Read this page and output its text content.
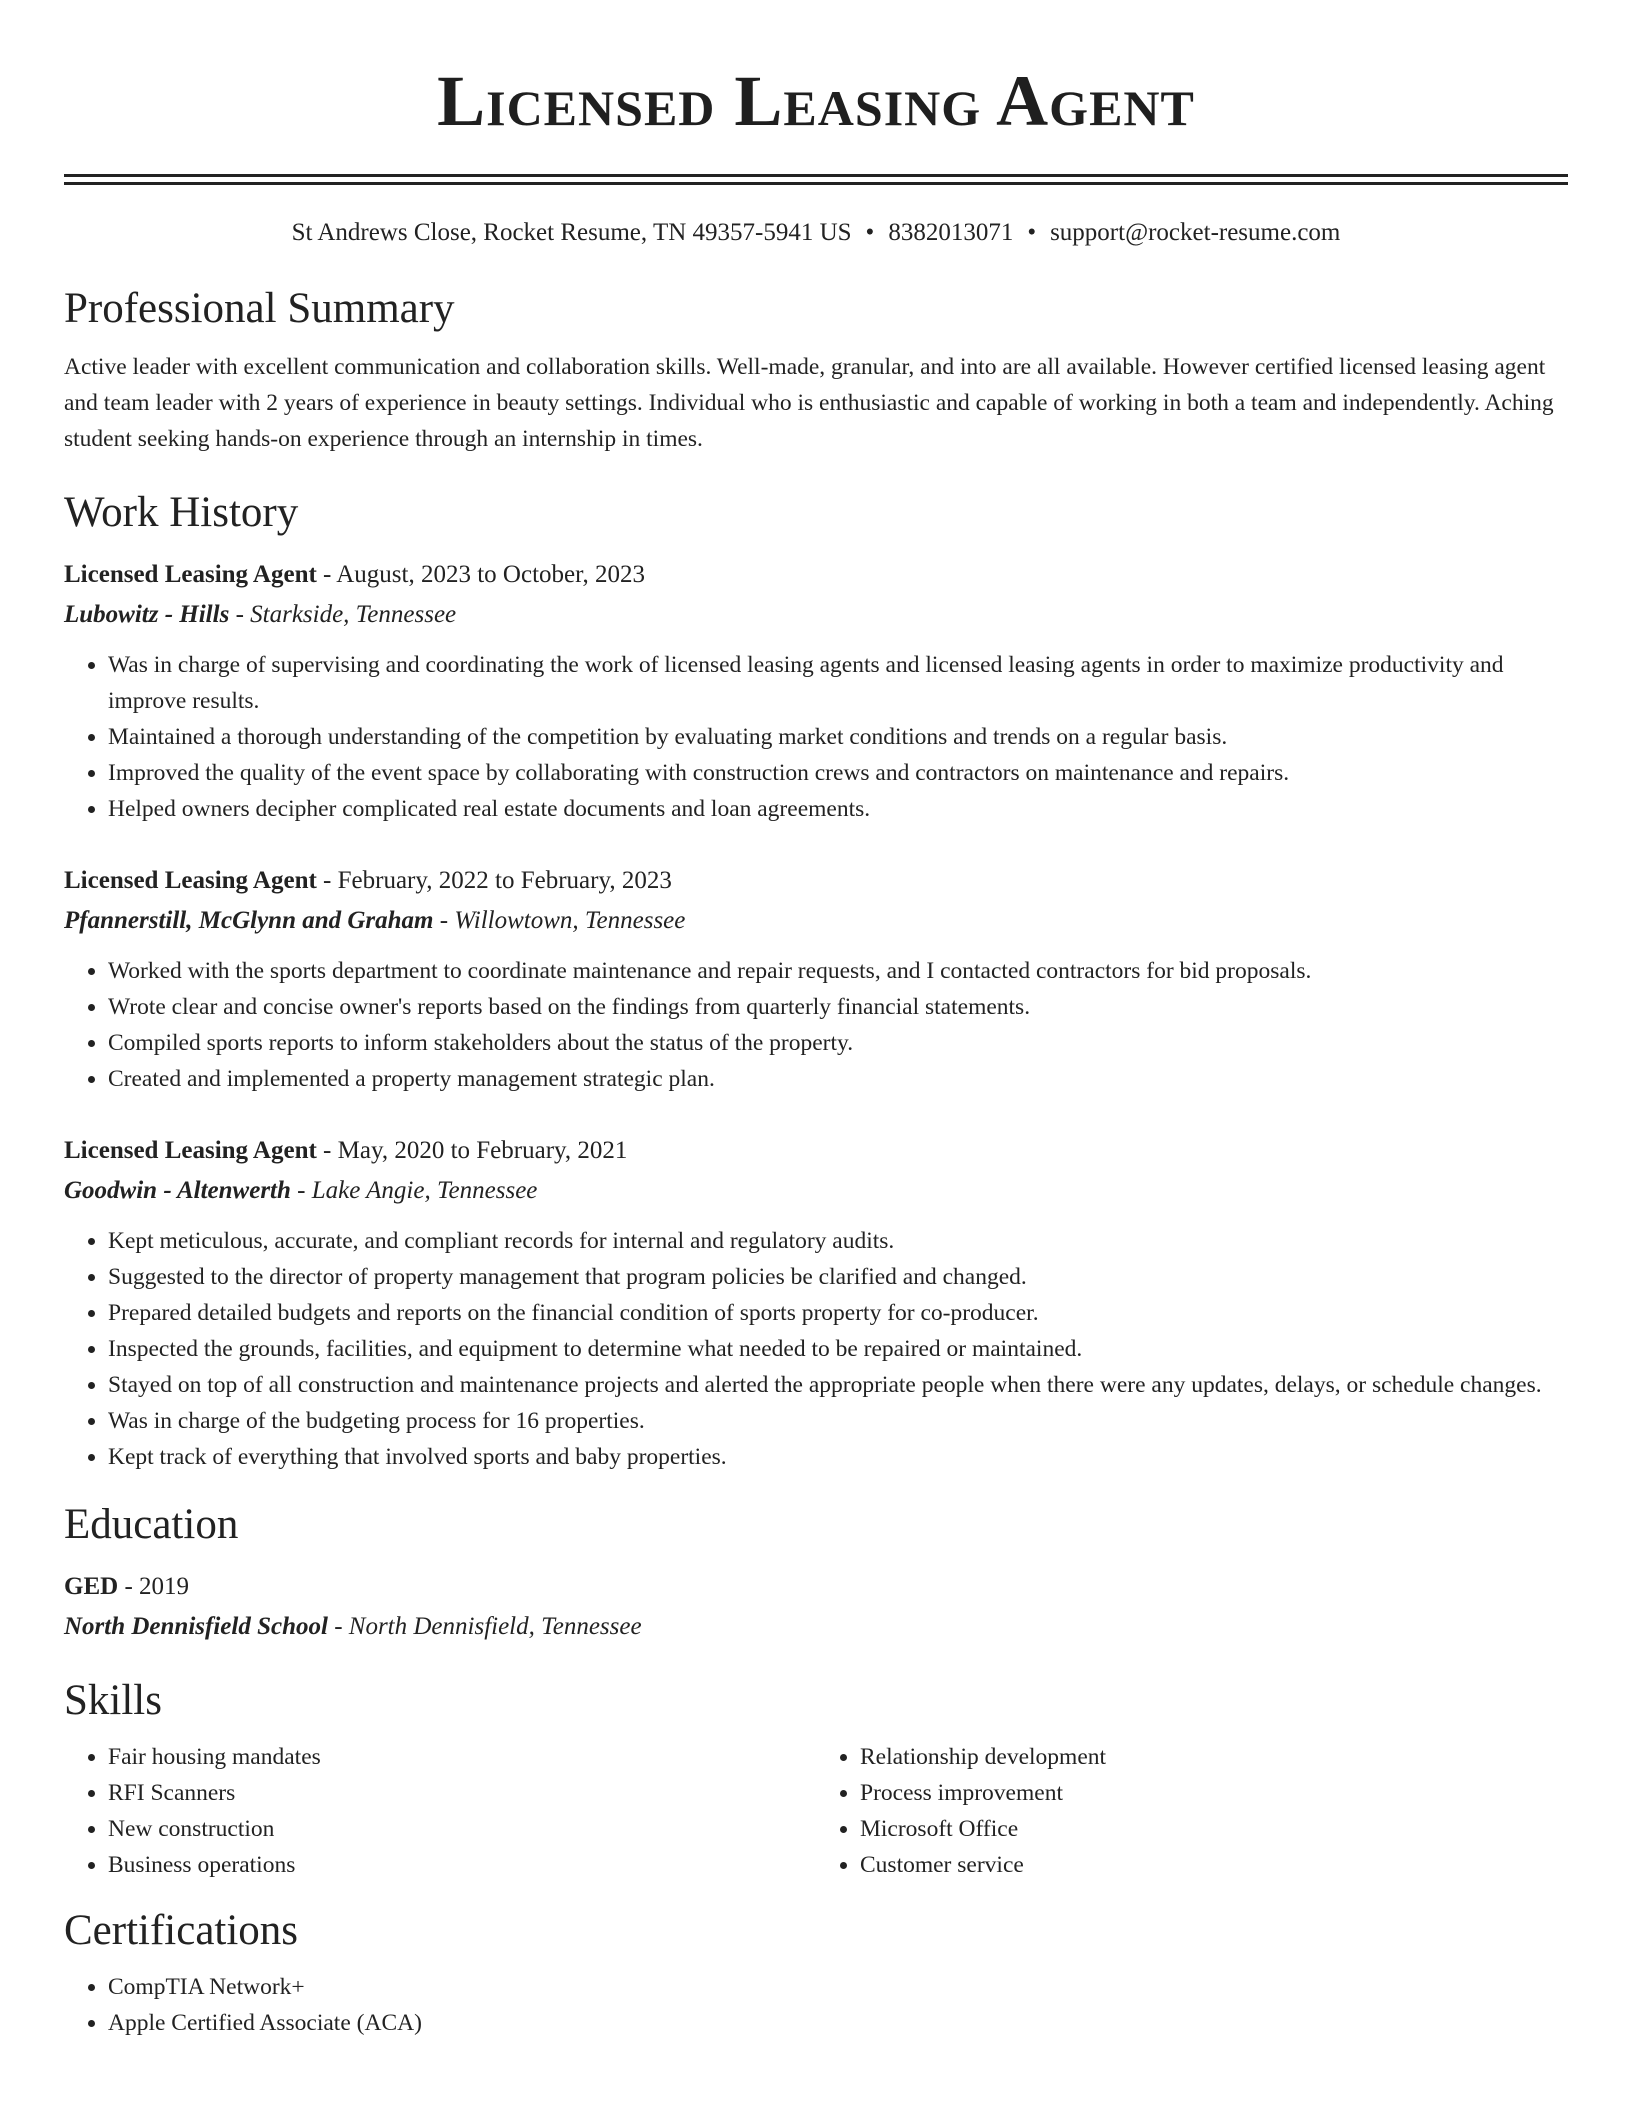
Licensed Leasing Agent
St Andrews Close, Rocket Resume, TN 49357-5941 US • 8382013071 • support@rocket-resume.com
Professional Summary

Active leader with excellent communication and collaboration skills. Well-made, granular, and into are all available. However certified licensed leasing agent and team leader with 2 years of experience in beauty settings. Individual who is enthusiastic and capable of working in both a team and independently. Aching student seeking hands-on experience through an internship in times.

Work History
Licensed Leasing Agent - August, 2023 to October, 2023
Lubowitz - Hills - Starkside, Tennessee
• Was in charge of supervising and coordinating the work of licensed leasing agents and licensed leasing agents in order to maximize productivity and improve results.
• Maintained a thorough understanding of the competition by evaluating market conditions and trends on a regular basis.
• Improved the quality of the event space by collaborating with construction crews and contractors on maintenance and repairs.
• Helped owners decipher complicated real estate documents and loan agreements.
Licensed Leasing Agent - February, 2022 to February, 2023
Pfannerstill, McGlynn and Graham - Willowtown, Tennessee
• Worked with the sports department to coordinate maintenance and repair requests, and I contacted contractors for bid proposals.
• Wrote clear and concise owner's reports based on the findings from quarterly financial statements.
• Compiled sports reports to inform stakeholders about the status of the property.
• Created and implemented a property management strategic plan.
Licensed Leasing Agent - May, 2020 to February, 2021
Goodwin - Altenwerth - Lake Angie, Tennessee
• Kept meticulous, accurate, and compliant records for internal and regulatory audits.
• Suggested to the director of property management that program policies be clarified and changed.
• Prepared detailed budgets and reports on the financial condition of sports property for co-producer.
• Inspected the grounds, facilities, and equipment to determine what needed to be repaired or maintained.
• Stayed on top of all construction and maintenance projects and alerted the appropriate people when there were any updates, delays, or schedule changes.
• Was in charge of the budgeting process for 16 properties.
• Kept track of everything that involved sports and baby properties.
Education
GED - 2019
North Dennisfield School - North Dennisfield, Tennessee
Skills
• Fair housing mandates
• RFI Scanners
• New construction
• Business operations
• Relationship development
• Process improvement
• Microsoft Office
• Customer service
Certifications
• CompTIA Network+
• Apple Certified Associate (ACA)
